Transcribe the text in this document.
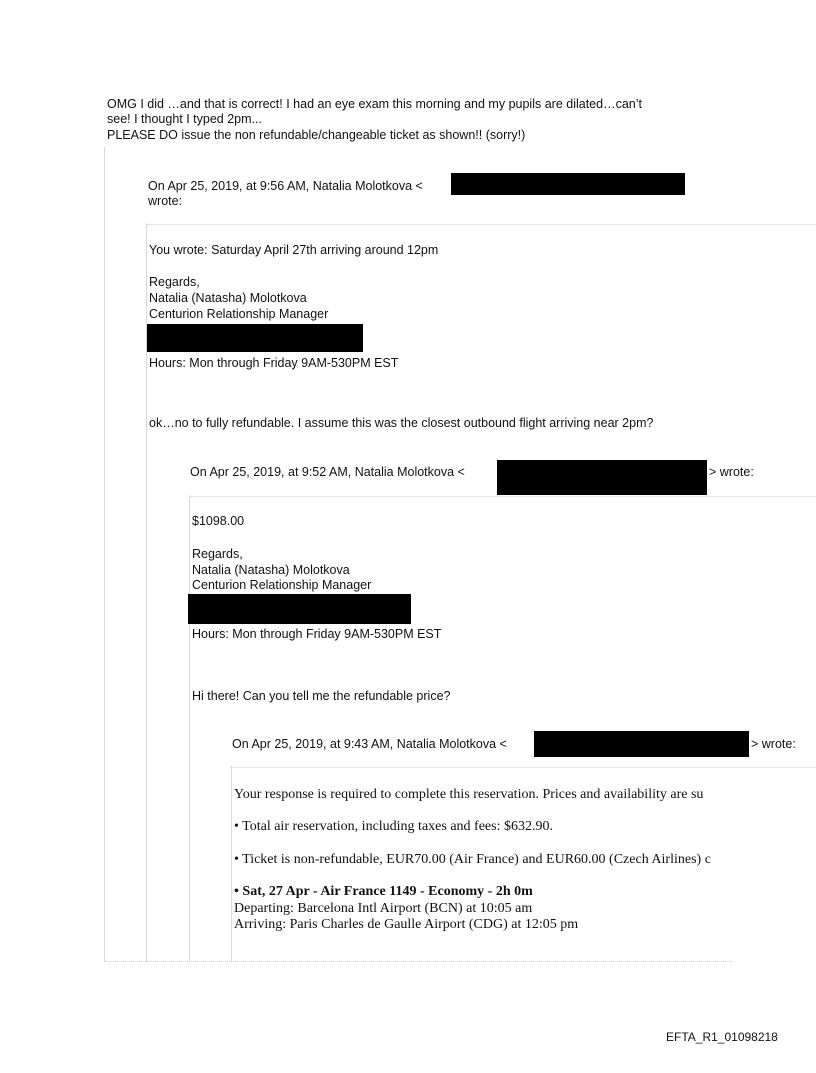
OMG I did …and that is correct! I had an eye exam this morning and my pupils are dilated…can’t
see! I thought I typed 2pm...
PLEASE DO issue the non refundable/changeable ticket as shown!! (sorry!)
On Apr 25, 2019, at 9:56 AM, Natalia Molotkova <
wrote:
You wrote: Saturday April 27th arriving around 12pm
Regards,
Natalia (Natasha) Molotkova
Centurion Relationship Manager
Hours: Mon through Friday 9AM-530PM EST
ok…no to fully refundable. I assume this was the closest outbound flight arriving near 2pm?
On Apr 25, 2019, at 9:52 AM, Natalia Molotkova <	> wrote:
$1098.00
Regards,
Natalia (Natasha) Molotkova
Centurion Relationship Manager
Hours: Mon through Friday 9AM-530PM EST
Hi there! Can you tell me the refundable price?
On Apr 25, 2019, at 9:43 AM, Natalia Molotkova <	> wrote:
Your response is required to complete this reservation. Prices and availability are su
• Total air reservation, including taxes and fees: $632.90.
• Ticket is non-refundable, EUR70.00 (Air France) and EUR60.00 (Czech Airlines) c
• Sat, 27 Apr - Air France 1149 - Economy - 2h 0m
Departing: Barcelona Intl Airport (BCN) at 10:05 am
Arriving: Paris Charles de Gaulle Airport (CDG) at 12:05 pm
EFTA_R1_01098218
